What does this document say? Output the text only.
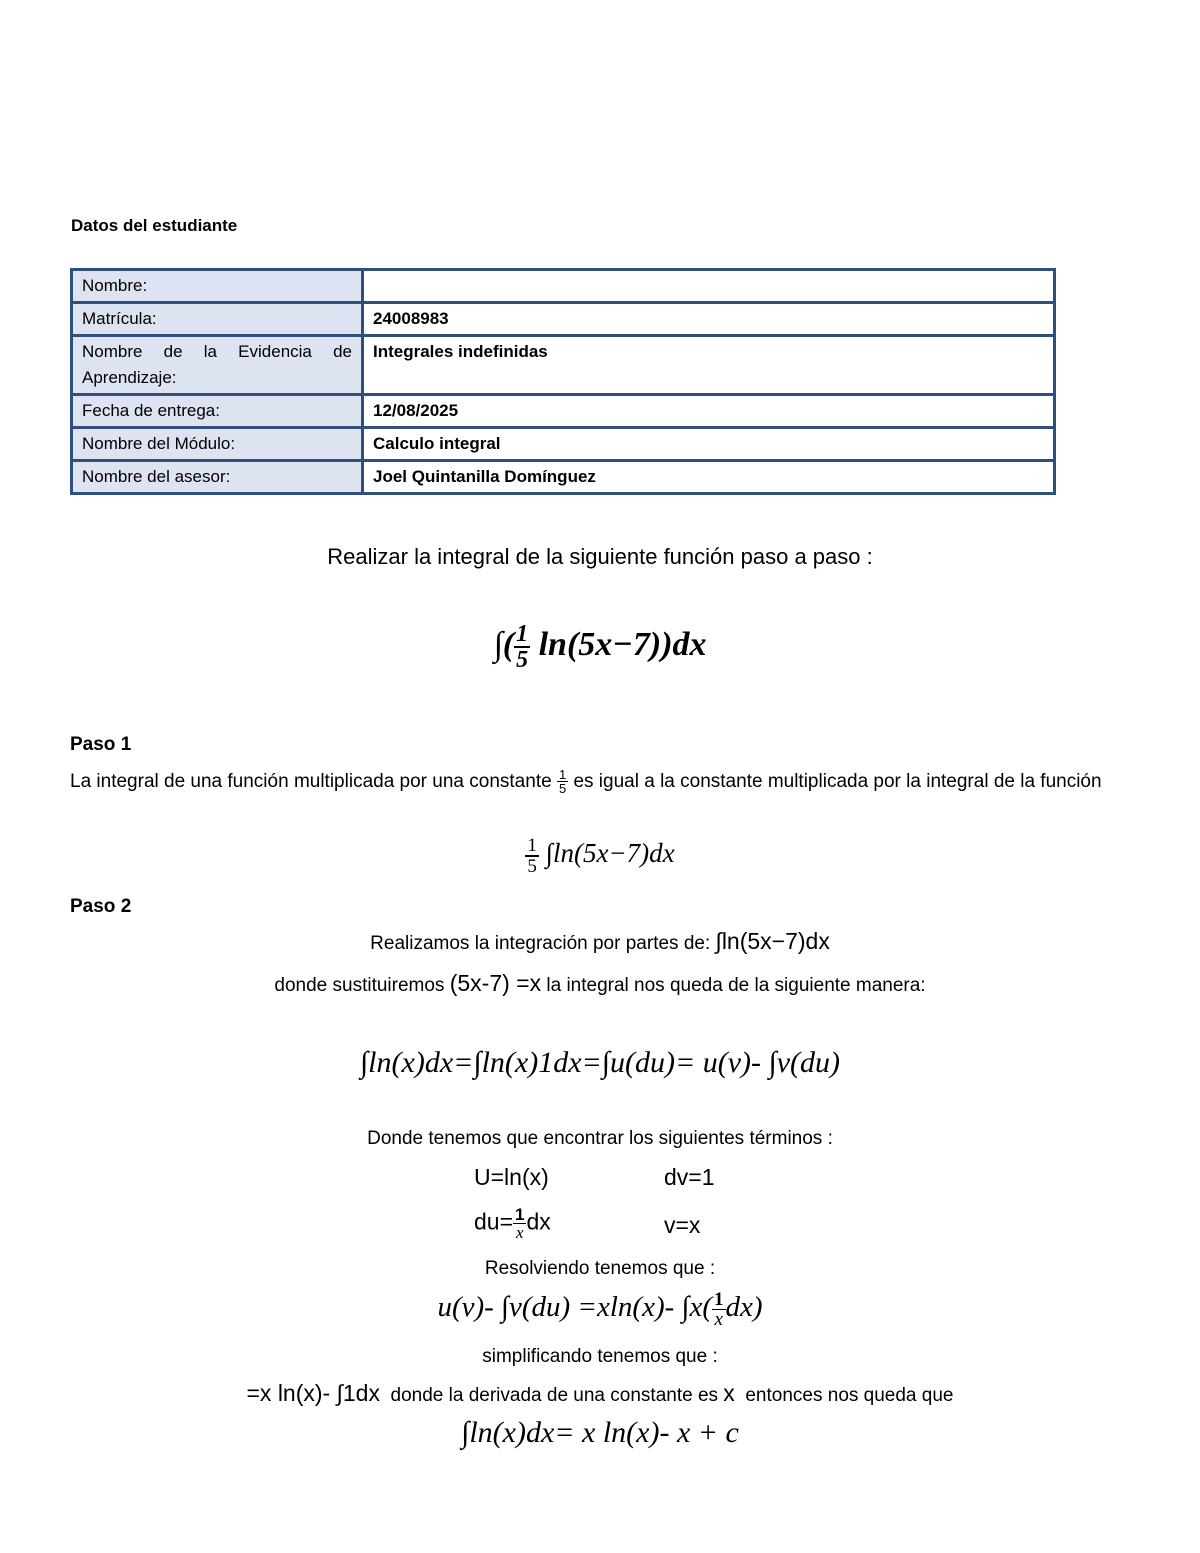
Datos del estudiante
Nombre:	
Matrícula:	24008983
Nombre de la Evidencia de Aprendizaje:	Integrales indefinidas
Fecha de entrega:	12/08/2025
Nombre del Módulo:	Calculo integral
Nombre del asesor:	Joel Quintanilla Domínguez
Realizar la integral de la siguiente función paso a paso :
∫( $\frac{1}{5} \ln(5x-7))dx$
Paso 1
La integral de una función multiplicada por una constante $\frac{1}{5}$ es igual a la constante multiplicada por la integral de la función
$\frac{1}{5} \int\ln(5x-7)dx$
Paso 2
Realizamos la integración por partes de: ∫ln(5x−7)dx
donde sustituiremos (5x-7) =x la integral nos queda de la siguiente manera:
∫ln(x)dx=∫ln(x)1dx=∫u(du)= u(v)- ∫v(du)
Donde tenemos que encontrar los siguientes términos :
U=ln(x)	dv=1
$du= \frac{1}{x}$ dx	v=x
Resolviendo tenemos que :
u(v)- ∫v(du) =xln(x)- $\int x( \frac{1}{x} dx)$
simplificando tenemos que :
=x ln(x)- ∫1dx  donde la derivada de una constante es x  entonces nos queda que
∫ln(x)dx= x ln(x)- x + c
